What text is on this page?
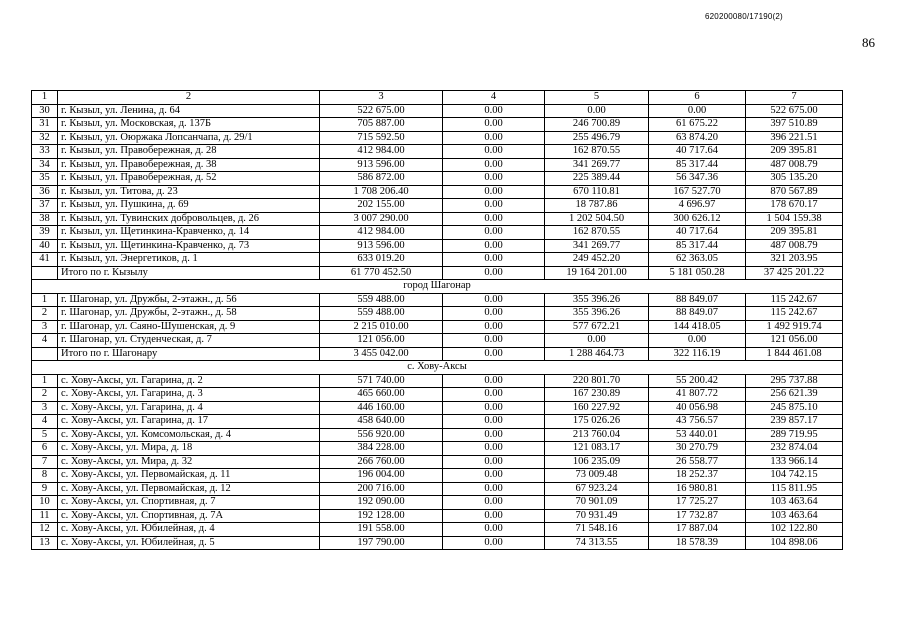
620200080/17190(2)
86
1	2	3	4	5	6	7
30	г. Кызыл, ул. Ленина, д. 64	522 675.00	0.00	0.00	0.00	522 675.00
31	г. Кызыл, ул. Московская, д. 137Б	705 887.00	0.00	246 700.89	61 675.22	397 510.89
32	г. Кызыл, ул. Оюржака Лопсанчапа, д. 29/1	715 592.50	0.00	255 496.79	63 874.20	396 221.51
33	г. Кызыл, ул. Правобережная, д. 28	412 984.00	0.00	162 870.55	40 717.64	209 395.81
34	г. Кызыл, ул. Правобережная, д. 38	913 596.00	0.00	341 269.77	85 317.44	487 008.79
35	г. Кызыл, ул. Правобережная, д. 52	586 872.00	0.00	225 389.44	56 347.36	305 135.20
36	г. Кызыл, ул. Титова, д. 23	1 708 206.40	0.00	670 110.81	167 527.70	870 567.89
37	г. Кызыл, ул. Пушкина, д. 69	202 155.00	0.00	18 787.86	4 696.97	178 670.17
38	г. Кызыл, ул. Тувинских добровольцев, д. 26	3 007 290.00	0.00	1 202 504.50	300 626.12	1 504 159.38
39	г. Кызыл, ул. Щетинкина-Кравченко, д. 14	412 984.00	0.00	162 870.55	40 717.64	209 395.81
40	г. Кызыл, ул. Щетинкина-Кравченко, д. 73	913 596.00	0.00	341 269.77	85 317.44	487 008.79
41	г. Кызыл, ул. Энергетиков, д. 1	633 019.20	0.00	249 452.20	62 363.05	321 203.95
	Итого по г. Кызылу	61 770 452.50	0.00	19 164 201.00	5 181 050.28	37 425 201.22
город Шагонар						
1	г. Шагонар, ул. Дружбы, 2-этажн., д. 56	559 488.00	0.00	355 396.26	88 849.07	115 242.67
2	г. Шагонар, ул. Дружбы, 2-этажн., д. 58	559 488.00	0.00	355 396.26	88 849.07	115 242.67
3	г. Шагонар, ул. Саяно-Шушенская, д. 9	2 215 010.00	0.00	577 672.21	144 418.05	1 492 919.74
4	г. Шагонар, ул. Студенческая, д. 7	121 056.00	0.00	0.00	0.00	121 056.00
	Итого по г. Шагонару	3 455 042.00	0.00	1 288 464.73	322 116.19	1 844 461.08
с. Хову-Аксы						
1	с. Хову-Аксы, ул. Гагарина, д. 2	571 740.00	0.00	220 801.70	55 200.42	295 737.88
2	с. Хову-Аксы, ул. Гагарина, д. 3	465 660.00	0.00	167 230.89	41 807.72	256 621.39
3	с. Хову-Аксы, ул. Гагарина, д. 4	446 160.00	0.00	160 227.92	40 056.98	245 875.10
4	с. Хову-Аксы, ул. Гагарина, д. 17	458 640.00	0.00	175 026.26	43 756.57	239 857.17
5	с. Хову-Аксы, ул. Комсомольская, д. 4	556 920.00	0.00	213 760.04	53 440.01	289 719.95
6	с. Хову-Аксы, ул. Мира, д. 18	384 228.00	0.00	121 083.17	30 270.79	232 874.04
7	с. Хову-Аксы, ул. Мира, д. 32	266 760.00	0.00	106 235.09	26 558.77	133 966.14
8	с. Хову-Аксы, ул. Первомайская, д. 11	196 004.00	0.00	73 009.48	18 252.37	104 742.15
9	с. Хову-Аксы, ул. Первомайская, д. 12	200 716.00	0.00	67 923.24	16 980.81	115 811.95
10	с. Хову-Аксы, ул. Спортивная, д. 7	192 090.00	0.00	70 901.09	17 725.27	103 463.64
11	с. Хову-Аксы, ул. Спортивная, д. 7А	192 128.00	0.00	70 931.49	17 732.87	103 463.64
12	с. Хову-Аксы, ул. Юбилейная, д. 4	191 558.00	0.00	71 548.16	17 887.04	102 122.80
13	с. Хову-Аксы, ул. Юбилейная, д. 5	197 790.00	0.00	74 313.55	18 578.39	104 898.06
